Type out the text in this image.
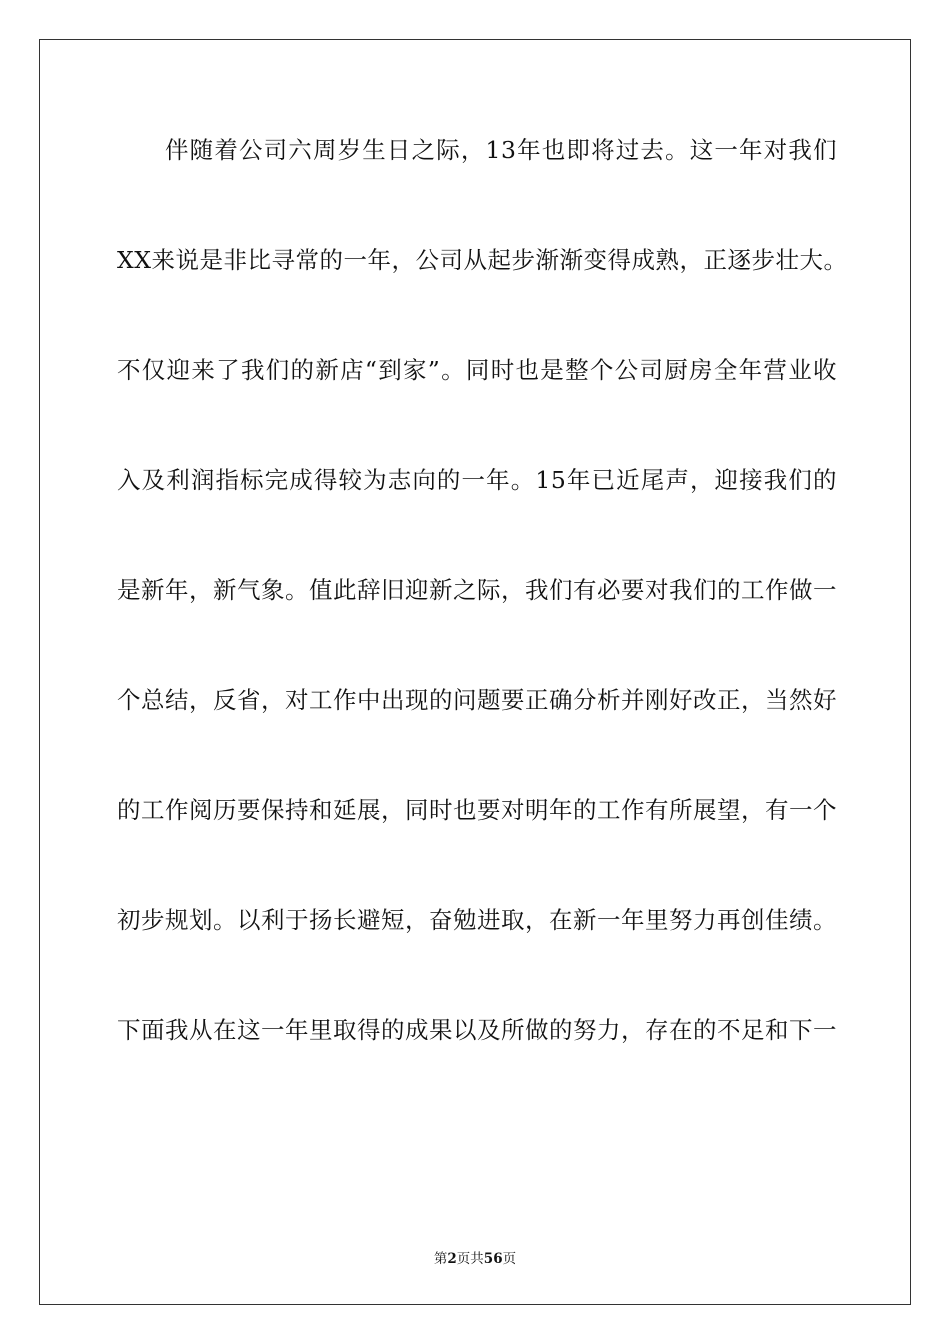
伴随着公司六周岁生日之际，13年也即将过去。这一年对我们
XX来说是非比寻常的一年，公司从起步渐渐变得成熟，正逐步壮大。
不仅迎来了我们的新店“到家”。同时也是整个公司厨房全年营业收
入及利润指标完成得较为志向的一年。15年已近尾声，迎接我们的
是新年，新气象。值此辞旧迎新之际，我们有必要对我们的工作做一
个总结，反省，对工作中出现的问题要正确分析并刚好改正，当然好
的工作阅历要保持和延展，同时也要对明年的工作有所展望，有一个
初步规划。以利于扬长避短，奋勉进取，在新一年里努力再创佳绩。
下面我从在这一年里取得的成果以及所做的努力，存在的不足和下一
第2页共56页
